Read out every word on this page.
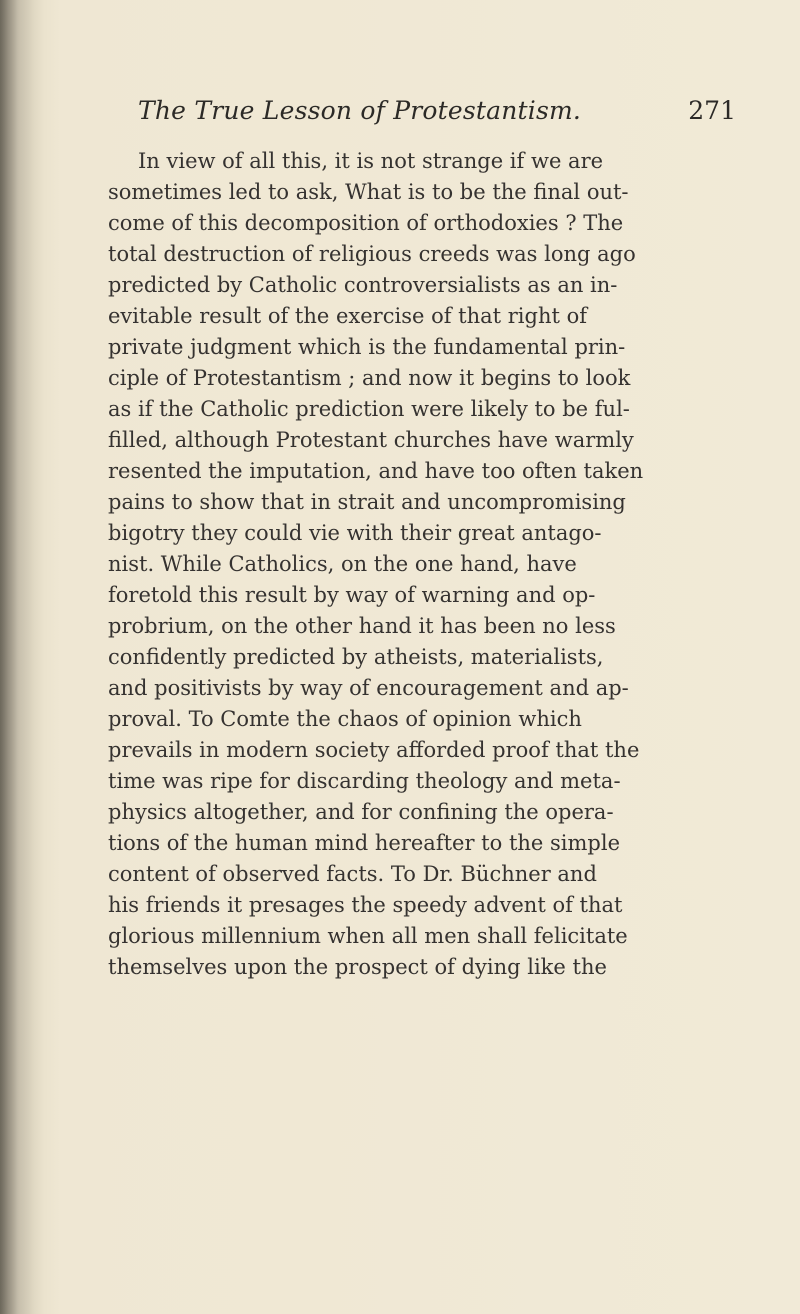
The True Lesson of Protestantism.	271
In view of all this, it is not strange if we are
sometimes led to ask, What is to be the final out-
come of this decomposition of orthodoxies ? The
total destruction of religious creeds was long ago
predicted by Catholic controversialists as an in-
evitable result of the exercise of that right of
private judgment which is the fundamental prin-
ciple of Protestantism ; and now it begins to look
as if the Catholic prediction were likely to be ful-
filled, although Protestant churches have warmly
resented the imputation, and have too often taken
pains to show that in strait and uncompromising
bigotry they could vie with their great antago-
nist. While Catholics, on the one hand, have
foretold this result by way of warning and op-
probrium, on the other hand it has been no less
confidently predicted by atheists, materialists,
and positivists by way of encouragement and ap-
proval. To Comte the chaos of opinion which
prevails in modern society afforded proof that the
time was ripe for discarding theology and meta-
physics altogether, and for confining the opera-
tions of the human mind hereafter to the simple
content of observed facts. To Dr. Büchner and
his friends it presages the speedy advent of that
glorious millennium when all men shall felicitate
themselves upon the prospect of dying like the
